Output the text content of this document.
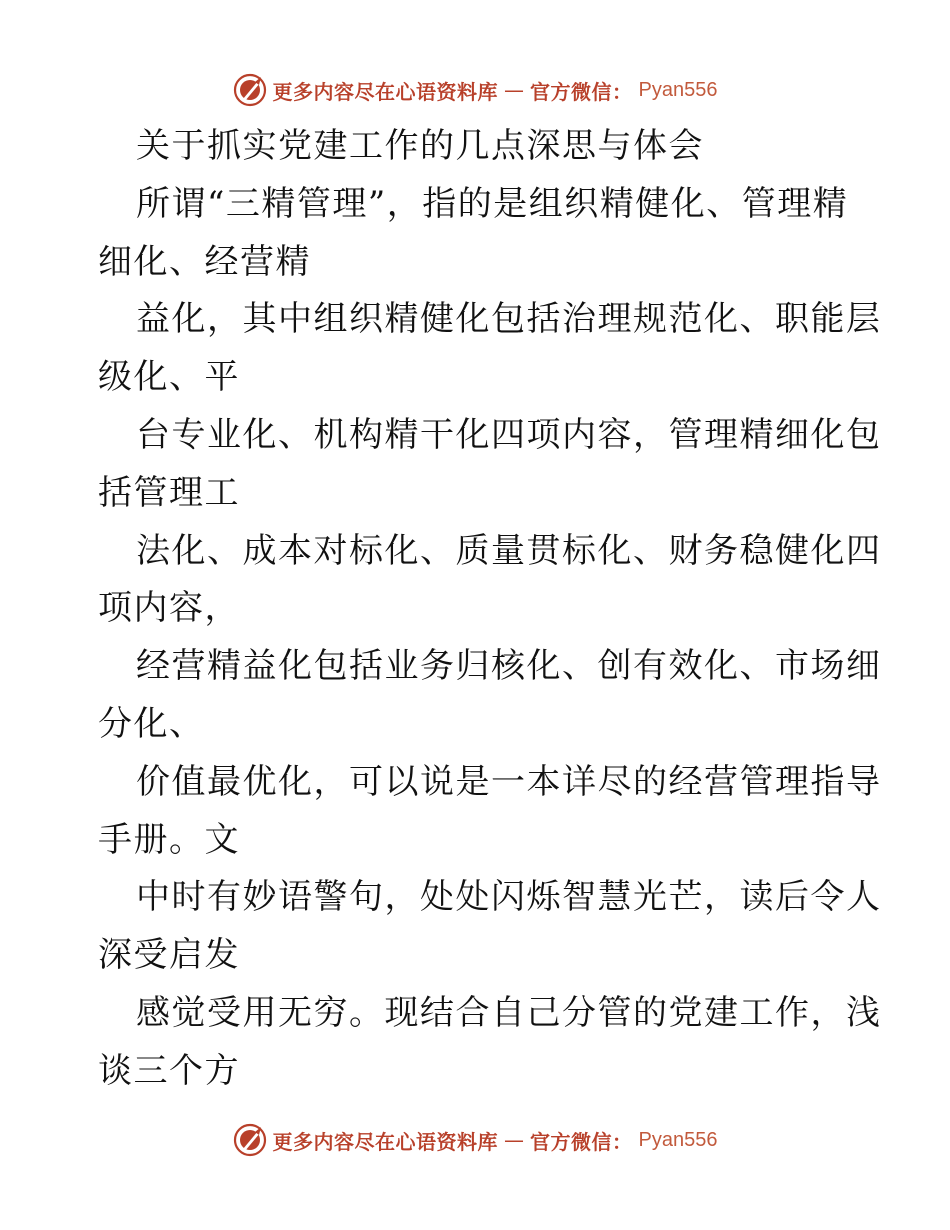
更多内容尽在心语资料库 — 官方微信： Pyan556
关于抓实党建工作的几点深思与体会
所谓“三精管理”，指的是组织精健化、管理精
细化、经营精
益化，其中组织精健化包括治理规范化、职能层
级化、平
台专业化、机构精干化四项内容，管理精细化包
括管理工
法化、成本对标化、质量贯标化、财务稳健化四
项内容，
经营精益化包括业务归核化、创有效化、市场细
分化、
价值最优化，可以说是一本详尽的经营管理指导
手册。文
中时有妙语警句，处处闪烁智慧光芒，读后令人
深受启发
感觉受用无穷。现结合自己分管的党建工作，浅
谈三个方
更多内容尽在心语资料库 — 官方微信： Pyan556
